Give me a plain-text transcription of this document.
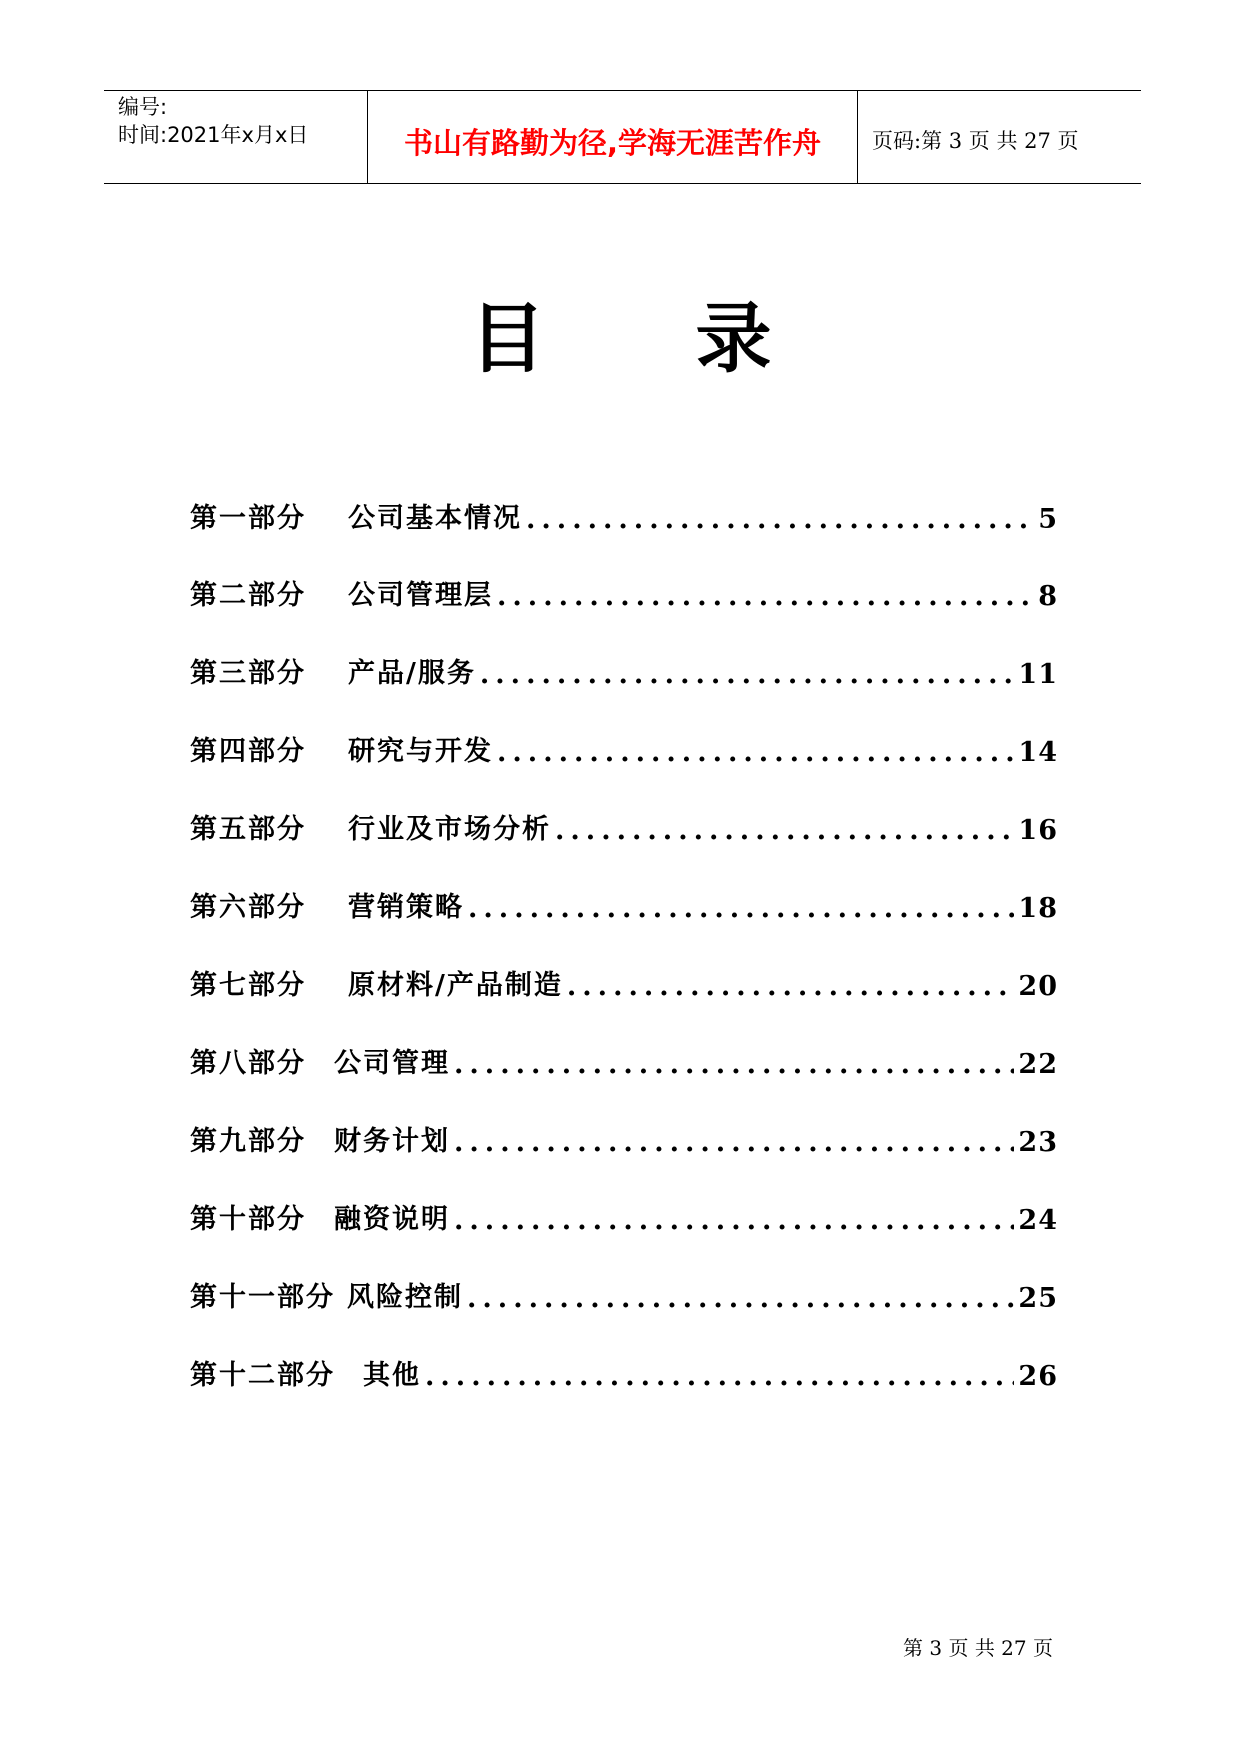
编号:
时间:2021年x月x日	书山有路勤为径,学海无涯苦作舟	页码:第 3 页 共 27 页
目 录
第一部分 公司基本情况 .....	5
第二部分 公司管理层 .....	8
第三部分 产品/服务 .....	11
第四部分 研究与开发 .....	14
第五部分 行业及市场分析 .....	16
第六部分 营销策略 .....	18
第七部分 原材料/产品制造 .....	20
第八部分 公司管理 .....	22
第九部分 财务计划 .....	23
第十部分 融资说明 .....	24
第十一部分 风险控制 .....	25
第十二部分 其他 .....	26
第 3 页 共 27 页
